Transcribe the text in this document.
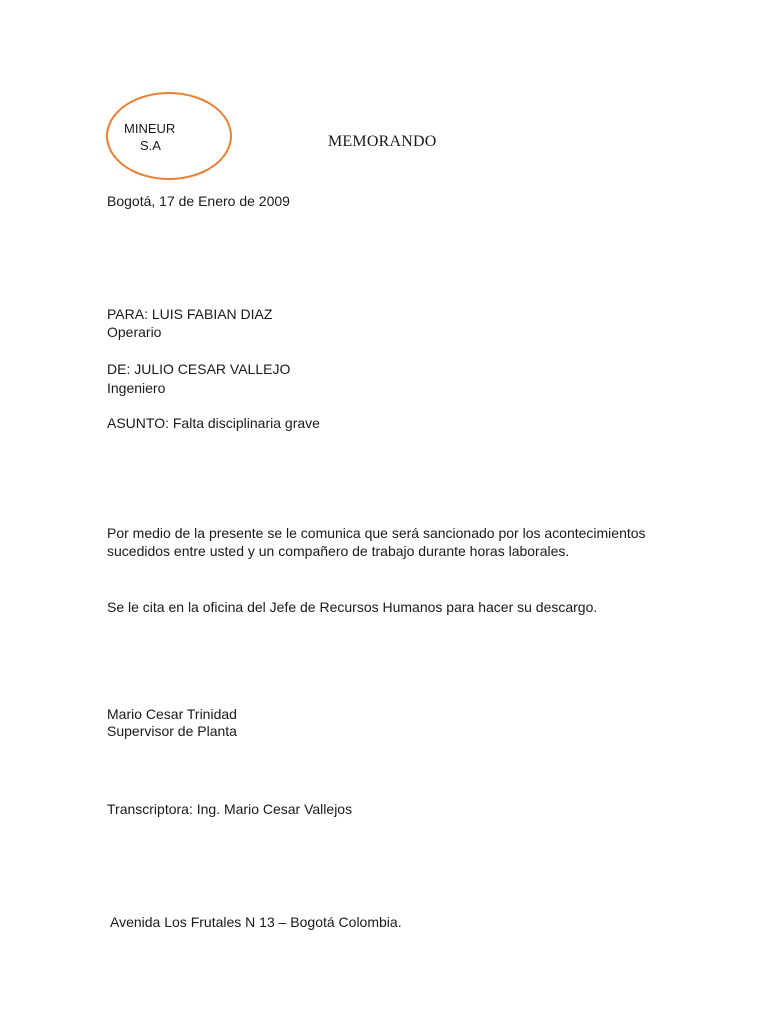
MINEUR
S.A	MEMORANDO
Bogotá, 17 de Enero de 2009
PARA: LUIS FABIAN DIAZ
Operario
DE: JULIO CESAR VALLEJO
Ingeniero
ASUNTO: Falta disciplinaria grave
Por medio de la presente se le comunica que será sancionado por los acontecimientos sucedidos entre usted y un compañero de trabajo durante horas laborales.
Se le cita en la oficina del Jefe de Recursos Humanos para hacer su descargo.
Mario Cesar Trinidad
Supervisor de Planta
Transcriptora: Ing. Mario Cesar Vallejos
Avenida Los Frutales N 13 – Bogotá Colombia.
